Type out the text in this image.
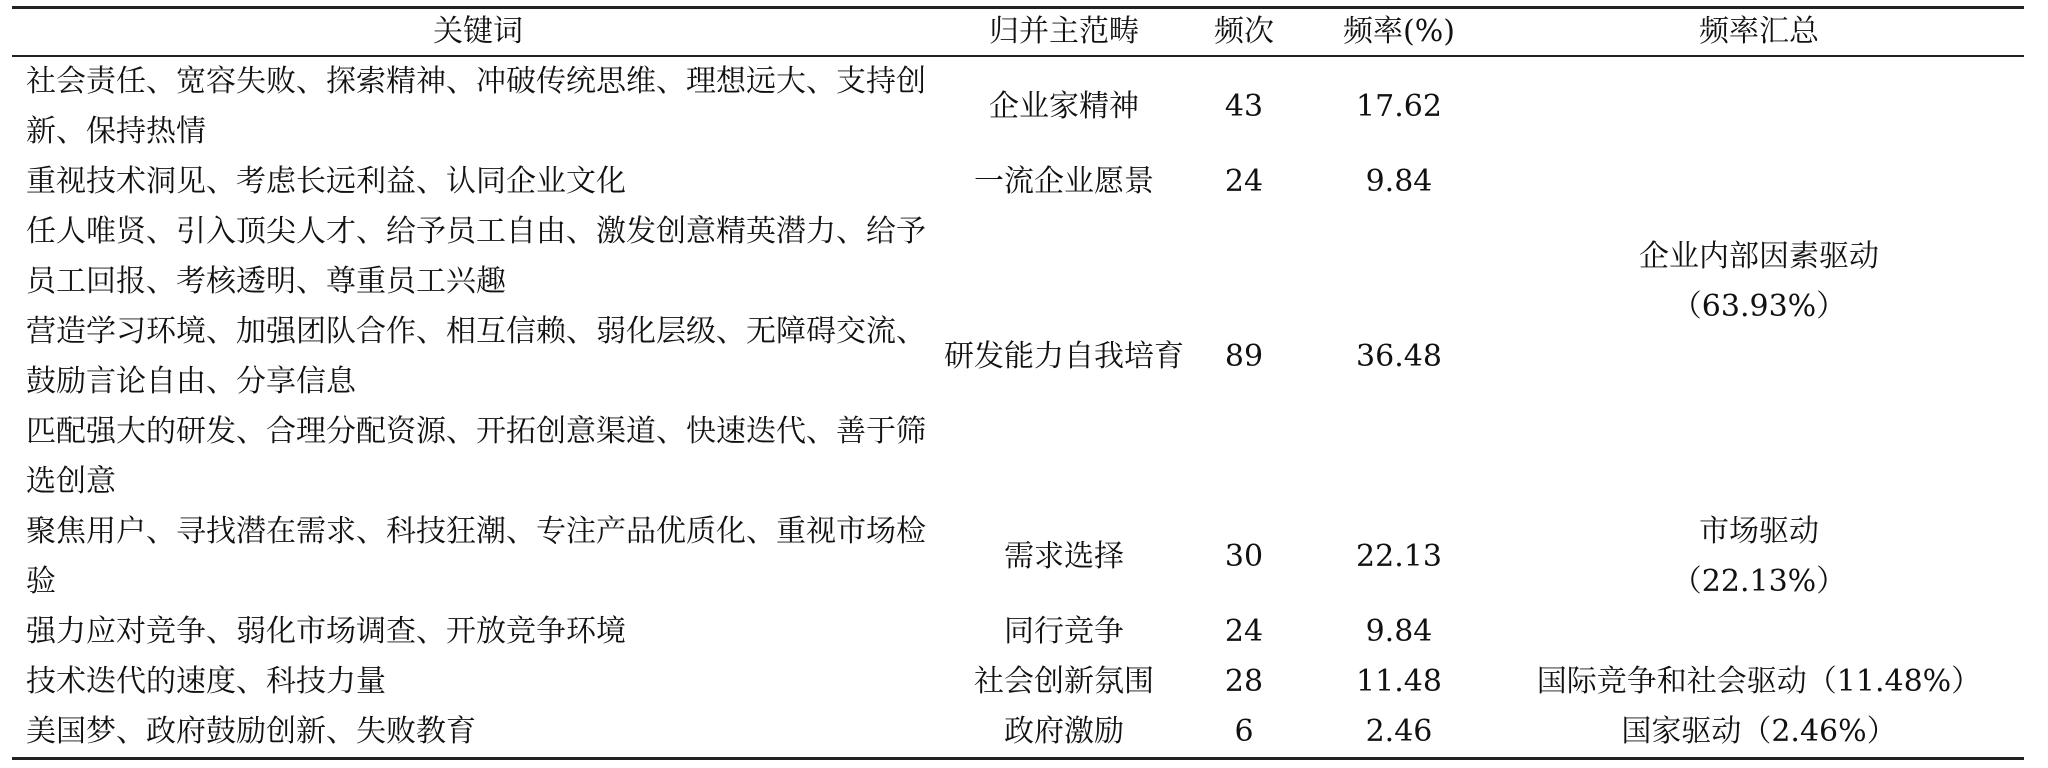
关键词	归并主范畴	频次	频率(%)	频率汇总
社会责任、宽容失败、探索精神、冲破传统思维、理想远大、支持创新、保持热情	企业家精神	43	17.62	企业内部因素驱动
（63.93%）

重视技术洞见、考虑长远利益、认同企业文化	一流企业愿景	24	9.84	
任人唯贤、引入顶尖人才、给予员工自由、激发创意精英潜力、给予员工回报、考核透明、尊重员工兴趣	研发能力自我培育	89	36.48	
营造学习环境、加强团队合作、相互信赖、弱化层级、无障碍交流、鼓励言论自由、分享信息				
匹配强大的研发、合理分配资源、开拓创意渠道、快速迭代、善于筛选创意				
聚焦用户、寻找潜在需求、科技狂潮、专注产品优质化、重视市场检验	需求选择	30	22.13	市场驱动
（22.13%）

强力应对竞争、弱化市场调查、开放竞争环境	同行竞争	24	9.84	
技术迭代的速度、科技力量	社会创新氛围	28	11.48	国际竞争和社会驱动（11.48%）
美国梦、政府鼓励创新、失败教育	政府激励	6	2.46	国家驱动（2.46%）
